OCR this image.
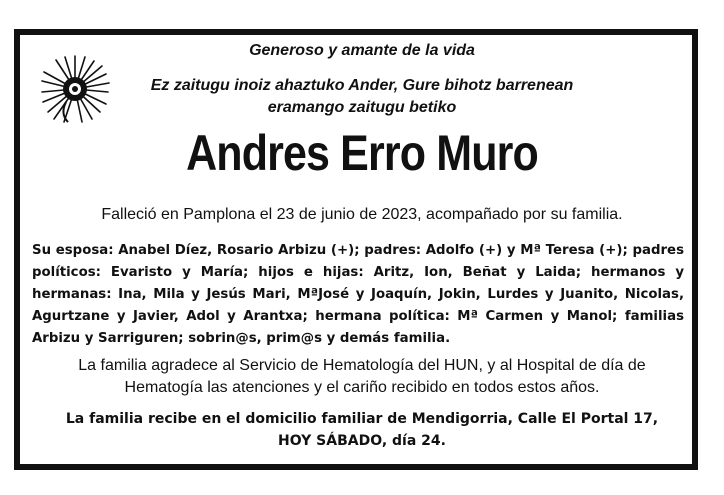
Generoso y amante de la vida
Ez zaitugu inoiz ahaztuko Ander, Gure bihotz barrenean
eramango zaitugu betiko
Andres Erro Muro
Falleció en Pamplona el 23 de junio de 2023, acompañado por su familia.
Su esposa: Anabel Díez, Rosario Arbizu (+); padres: Adolfo (+) y Mª Teresa (+); padres políticos: Evaristo y María; hijos e hijas: Aritz, Ion, Beñat y Laida; hermanos y hermanas: Ina, Mila y Jesús Mari, MªJosé y Joaquín, Jokin, Lurdes y Juanito, Nicolas, Agurtzane y Javier, Adol y Arantxa; hermana política: Mª Carmen y Manol; familias Arbizu y Sarriguren; sobrin@s, prim@s y demás familia.
La familia agradece al Servicio de Hematología del HUN, y al Hospital de día de Hematogía las atenciones y el cariño recibido en todos estos años.
La familia recibe en el domicilio familiar de Mendigorria, Calle El Portal 17,
HOY SÁBADO, día 24.
